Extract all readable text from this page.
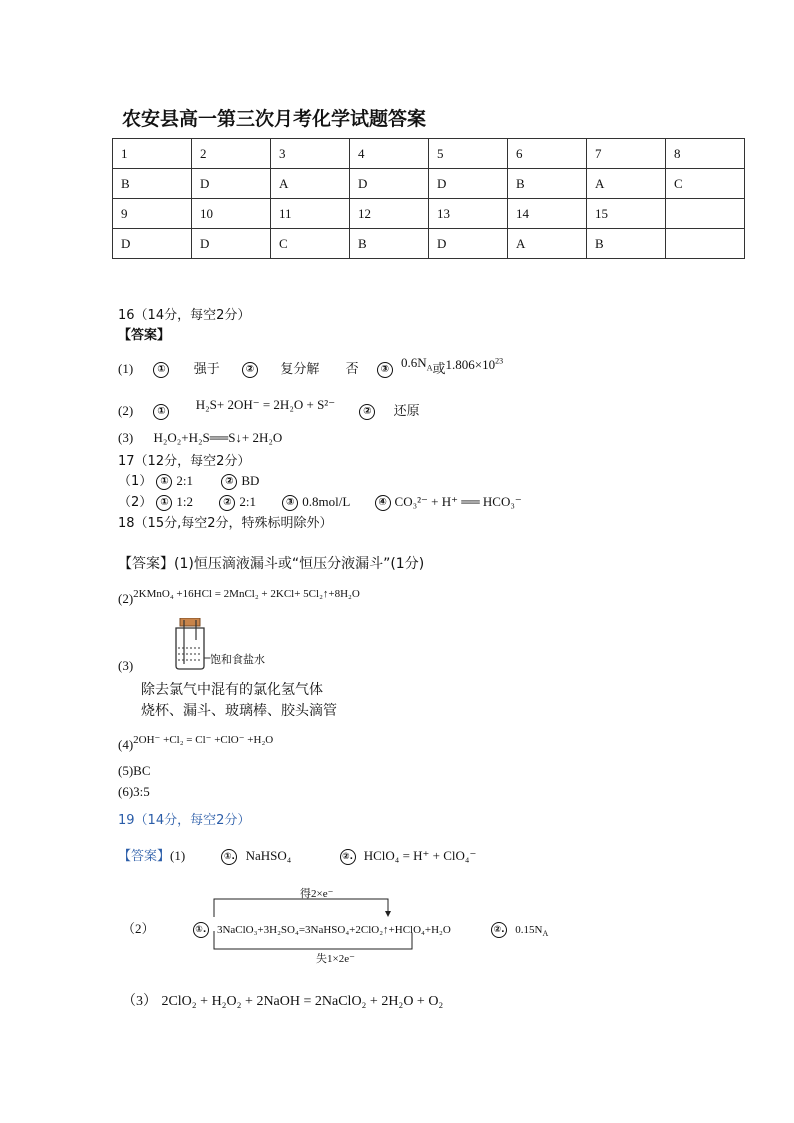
农安县高一第三次月考化学试题答案
1	2	3	4	5	6	7	8
B	D	A	D	D	B	A	C
9	10	11	12	13	14	15	
D	D	C	B	D	A	B	
16（14分，每空2分）
【答案】
(1) ① 强于	② 复分解 否 ③ $0.6N_A$或$1.806\times 10^{23}$
(2) ① H₂S+ 2OH⁻ = 2H₂O + S²⁻	② 还原
(3) H₂O₂+H₂S══S↓+ 2H₂O
17（12分，每空2分）
（1） ① 2:1	② BD
（2） ① 1:2	② 2:1	③ 0.8mol/L	④ CO₃²⁻ + H⁺ ══ HCO₃⁻
18（15分,每空2分，特殊标明除外）
【答案】(1)恒压滴液漏斗或“恒压分液漏斗”(1分)
(2)2KMnO₄ +16HCl = 2MnCl₂ + 2KCl+ 5Cl₂↑+8H₂O
(3)	饱和食盐水
除去氯气中混有的氯化氢气体
烧杯、漏斗、玻璃棒、胶头滴管
(4)2OH⁻ +Cl₂ = Cl⁻ +ClO⁻ +H₂O
(5)BC
(6)3:5
19（14分，每空2分）
【答案】(1)	①. NaHSO₄	②. HClO₄ = H⁺ + ClO₄⁻
得2×e⁻
（2）	①. 3NaClO₃+3H₂SO₄=3NaHSO₄+2ClO₂↑+HClO₄+H₂O	②. $0.15N_A$
失1×2e⁻
（3） 2ClO₂ + H₂O₂ + 2NaOH = 2NaClO₂ + 2H₂O + O₂
